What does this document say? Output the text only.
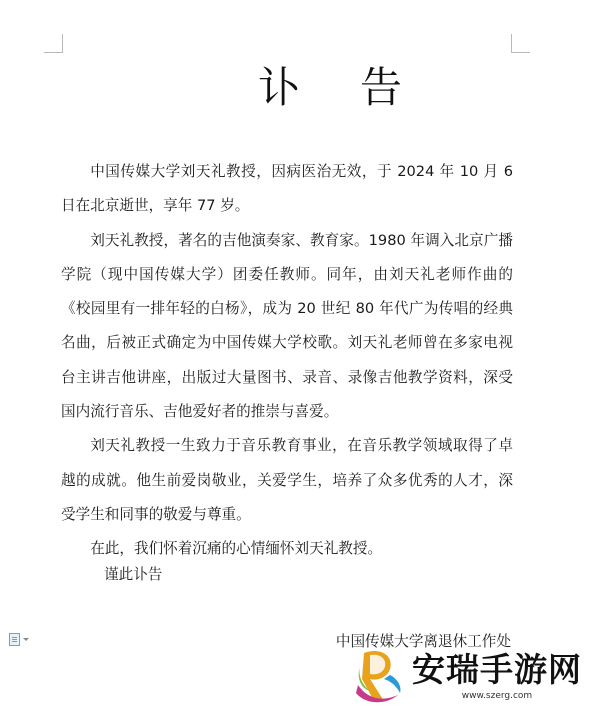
讣告

中国传媒大学刘天礼教授，因病医治无效，于 2024 年 10 月 6 日在北京逝世，享年 77 岁。

刘天礼教授，著名的吉他演奏家、教育家。1980 年调入北京广播学院（现中国传媒大学）团委任教师。同年，由刘天礼老师作曲的《校园里有一排年轻的白杨》，成为 20 世纪 80 年代广为传唱的经典名曲，后被正式确定为中国传媒大学校歌。刘天礼老师曾在多家电视台主讲吉他讲座，出版过大量图书、录音、录像吉他教学资料，深受国内流行音乐、吉他爱好者的推崇与喜爱。

刘天礼教授一生致力于音乐教育事业，在音乐教学领域取得了卓越的成就。他生前爱岗敬业，关爱学生，培养了众多优秀的人才，深受学生和同事的敬爱与尊重。

在此，我们怀着沉痛的心情缅怀刘天礼教授。

谨此讣告
中国传媒大学离退休工作处
安瑞手游网
www.szerg.com
